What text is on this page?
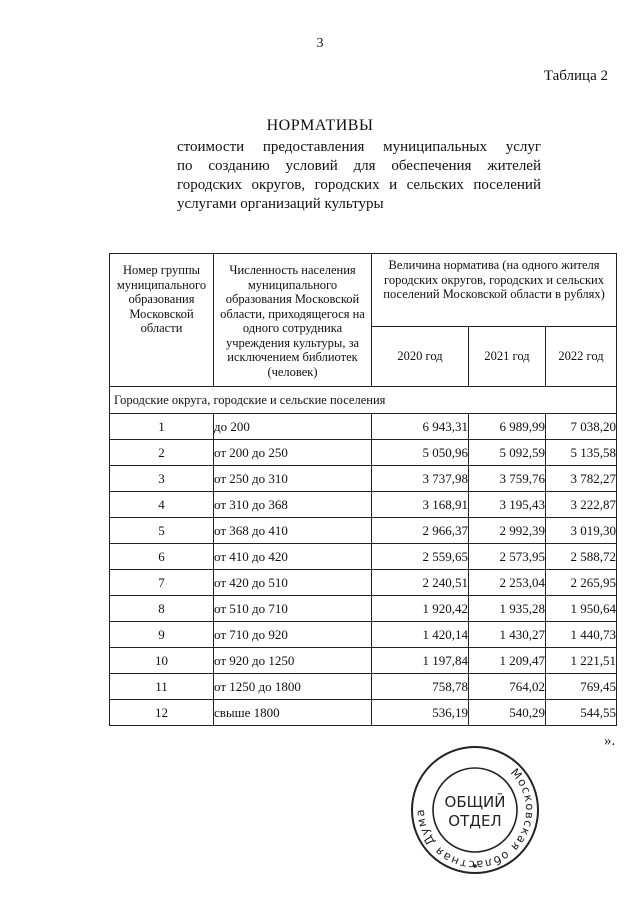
3
Таблица 2
НОРМАТИВЫ
стоимости предоставления муниципальных услуг
по созданию условий для обеспечения жителей
городских округов, городских и сельских поселений
услугами организаций культуры
Номер группы муниципального образования Московской области	Численность населения муниципального образования Московской области, приходящегося на одного сотрудника учреждения культуры, за исключением библиотек (человек)	Величина норматива (на одного жителя городских округов, городских и сельских поселений Московской области в рублях)		
		2020 год	2021 год	2022 год
Городские округа, городские и сельские поселения				
1	до 200	6 943,31	6 989,99	7 038,20
2	от 200 до 250	5 050,96	5 092,59	5 135,58
3	от 250 до 310	3 737,98	3 759,76	3 782,27
4	от 310 до 368	3 168,91	3 195,43	3 222,87
5	от 368 до 410	2 966,37	2 992,39	3 019,30
6	от 410 до 420	2 559,65	2 573,95	2 588,72
7	от 420 до 510	2 240,51	2 253,04	2 265,95
8	от 510 до 710	1 920,42	1 935,28	1 950,64
9	от 710 до 920	1 420,14	1 430,27	1 440,73
10	от 920 до 1250	1 197,84	1 209,47	1 221,51
11	от 1250 до 1800	758,78	764,02	769,45
12	свыше 1800	536,19	540,29	544,55
».
Московская областная Дума
ОБЩИЙ
ОТДЕЛ
